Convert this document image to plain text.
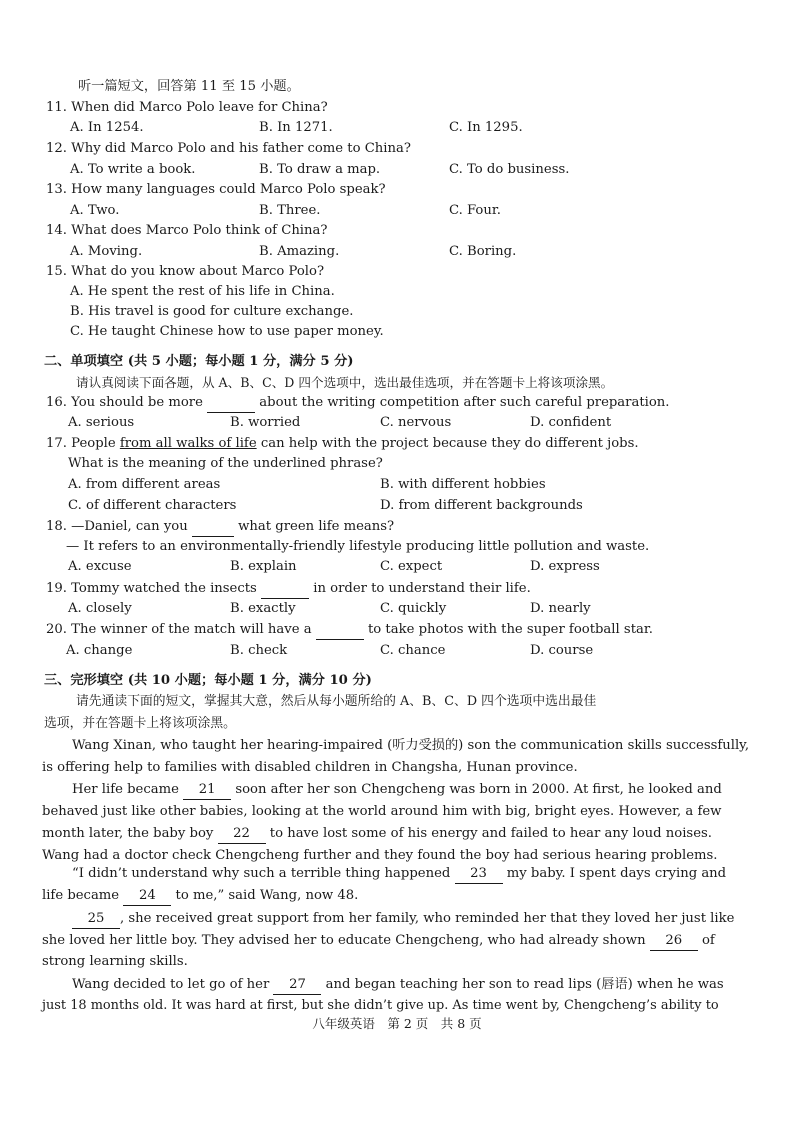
听一篇短文，回答第 11 至 15 小题。
11. When did Marco Polo leave for China?
A. In 1254.	B. In 1271.	C. In 1295.
12. Why did Marco Polo and his father come to China?
A. To write a book.	B. To draw a map.	C. To do business.
13. How many languages could Marco Polo speak?
A. Two.	B. Three.	C. Four.
14. What does Marco Polo think of China?
A. Moving.	B. Amazing.	C. Boring.
15. What do you know about Marco Polo?
A. He spent the rest of his life in China.
B. His travel is good for culture exchange.
C. He taught Chinese how to use paper money.
二、单项填空 (共 5 小题；每小题 1 分，满分 5 分)
请认真阅读下面各题，从 A、B、C、D 四个选项中，选出最佳选项，并在答题卡上将该项涂黑。
16. You should be more	about the writing competition after such careful preparation.
A. serious	B. worried	C. nervous	D. confident
17. People from all walks of life can help with the project because they do different jobs.
What is the meaning of the underlined phrase?
A. from different areas	B. with different hobbies
C. of different characters	D. from different backgrounds
18. —Daniel, can you	what green life means?
— It refers to an environmentally-friendly lifestyle producing little pollution and waste.
A. excuse	B. explain	C. expect	D. express
19. Tommy watched the insects	in order to understand their life.
A. closely	B. exactly	C. quickly	D. nearly
20. The winner of the match will have a	to take photos with the super football star.
A. change	B. check	C. chance	D. course
三、完形填空 (共 10 小题；每小题 1 分，满分 10 分)
请先通读下面的短文，掌握其大意，然后从每小题所给的 A、B、C、D 四个选项中选出最佳
选项，并在答题卡上将该项涂黑。
Wang Xinan, who taught her hearing-impaired (听力受损的) son the communication skills successfully,
is offering help to families with disabled children in Changsha, Hunan province.
Her life became 21 soon after her son Chengcheng was born in 2000. At first, he looked and
behaved just like other babies, looking at the world around him with big, bright eyes. However, a few
month later, the baby boy 22 to have lost some of his energy and failed to hear any loud noises.
Wang had a doctor check Chengcheng further and they found the boy had serious hearing problems.
“I didn’t understand why such a terrible thing happened 23 my baby. I spent days crying and
life became 24 to me,” said Wang, now 48.
25 , she received great support from her family, who reminded her that they loved her just like
she loved her little boy. They advised her to educate Chengcheng, who had already shown 26 of
strong learning skills.
Wang decided to let go of her 27 and began teaching her son to read lips (唇语) when he was
just 18 months old. It was hard at first, but she didn’t give up. As time went by, Chengcheng’s ability to
八年级英语　第 2 页　共 8 页
